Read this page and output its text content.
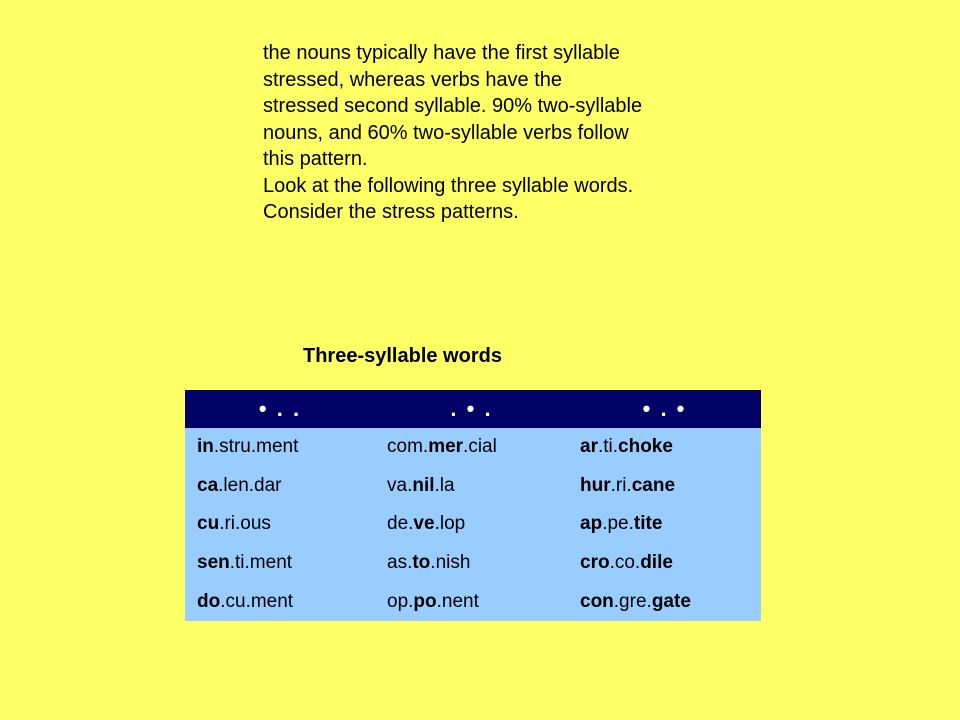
the nouns typically have the first syllable stressed, whereas verbs have the stressed second syllable. 90% two-syllable nouns, and 60% two-syllable verbs follow this pattern.

Look at the following three syllable words. Consider the stress patterns.

Three-syllable words
• . .	. • .	• . •
in.stru.ment	com.mer.cial	ar.ti.choke
ca.len.dar	va.nil.la	hur.ri.cane
cu.ri.ous	de.ve.lop	ap.pe.tite
sen.ti.ment	as.to.nish	cro.co.dile
do.cu.ment	op.po.nent	con.gre.gate
